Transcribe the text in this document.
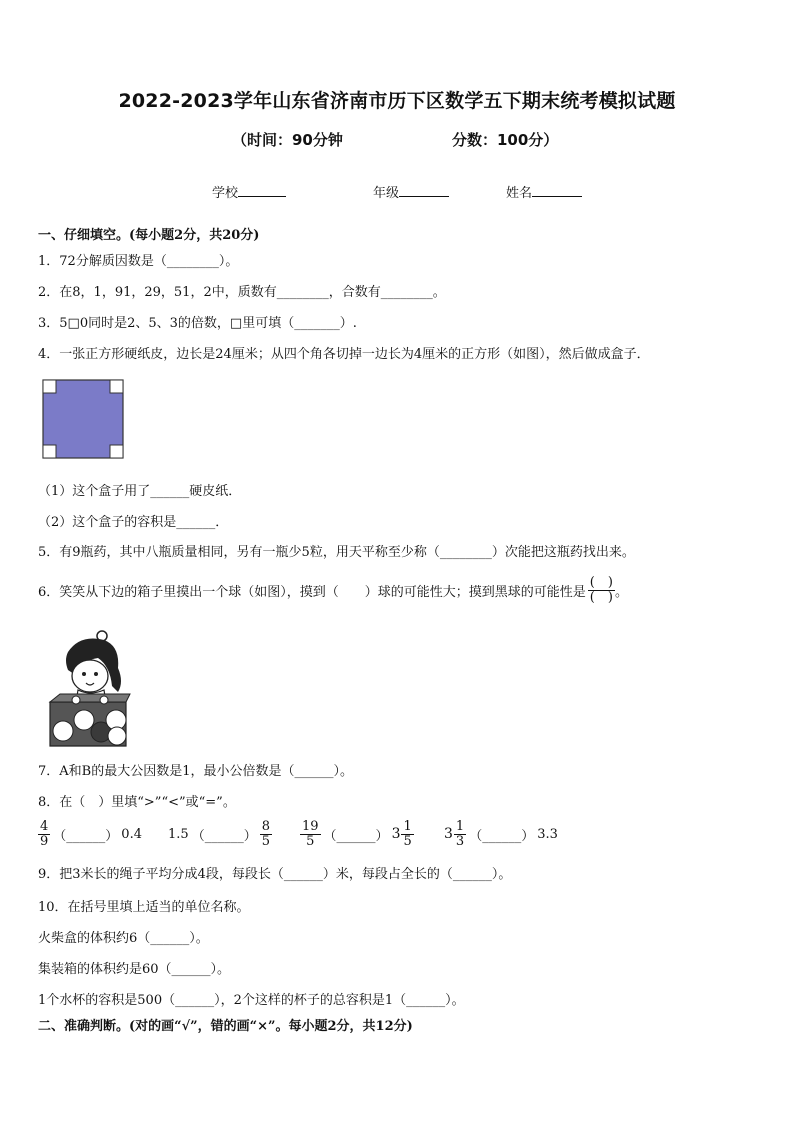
2022-2023学年山东省济南市历下区数学五下期末统考模拟试题
（时间：90分钟	分数：100分）
学校	年级	姓名
一、仔细填空。(每小题2分，共20分)
1．72分解质因数是（________）。
2．在8，1，91，29，51，2中，质数有________，合数有________。
3．5□0同时是2、5、3的倍数，□里可填（_______）.
4．一张正方形硬纸皮，边长是24厘米；从四个角各切掉一边长为4厘米的正方形（如图），然后做成盒子．
（1）这个盒子用了______硬皮纸．
（2）这个盒子的容积是______．
5．有9瓶药，其中八瓶质量相同，另有一瓶少5粒，用天平称至少称（________）次能把这瓶药找出来。
6．笑笑从下边的箱子里摸出一个球（如图），摸到（　　）球的可能性大；摸到黑球的可能性是 $\frac{( )}{( )}$ 。
7．A和B的最大公因数是1，最小公倍数是（______）。
8．在（　）里填“>”“<”或“=”。
$\frac{4}{9}$ （______） 0.4 1.5 （______） $\frac{8}{5} \frac{19}{5}$ （______） $3 \frac{1}{5} 3 \frac{1}{3}$ （______） 3.3
9．把3米长的绳子平均分成4段，每段长（______）米，每段占全长的（______）。
10．在括号里填上适当的单位名称。
火柴盒的体积约6（______）。
集装箱的体积约是60（______）。
1个水杯的容积是500（______），2个这样的杯子的总容积是1（______）。
二、准确判断。(对的画“√”，错的画“×”。每小题2分，共12分)
